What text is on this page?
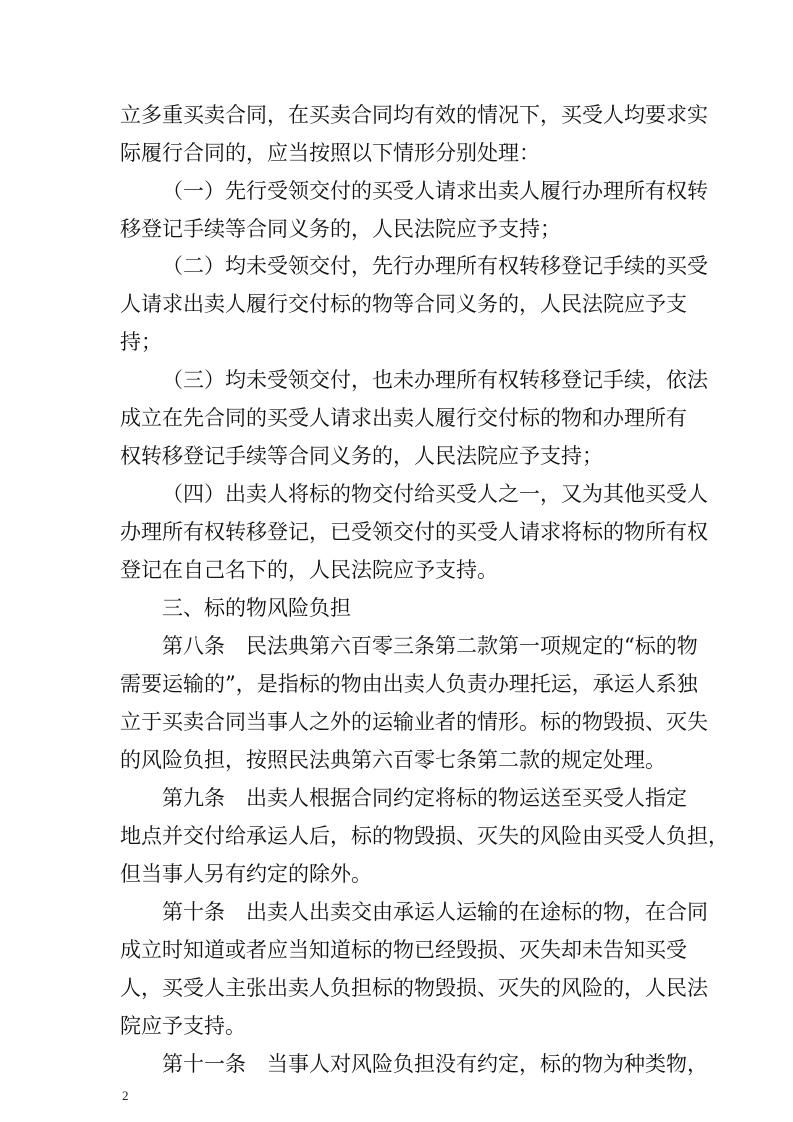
立多重买卖合同，在买卖合同均有效的情况下，买受人均要求实
际履行合同的，应当按照以下情形分别处理：
（一）先行受领交付的买受人请求出卖人履行办理所有权转
移登记手续等合同义务的，人民法院应予支持；
（二）均未受领交付，先行办理所有权转移登记手续的买受
人请求出卖人履行交付标的物等合同义务的，人民法院应予支
持；
（三）均未受领交付，也未办理所有权转移登记手续，依法
成立在先合同的买受人请求出卖人履行交付标的物和办理所有
权转移登记手续等合同义务的，人民法院应予支持；
（四）出卖人将标的物交付给买受人之一，又为其他买受人
办理所有权转移登记，已受领交付的买受人请求将标的物所有权
登记在自己名下的，人民法院应予支持。
三、标的物风险负担
第八条　民法典第六百零三条第二款第一项规定的“标的物
需要运输的”，是指标的物由出卖人负责办理托运，承运人系独
立于买卖合同当事人之外的运输业者的情形。标的物毁损、灭失
的风险负担，按照民法典第六百零七条第二款的规定处理。
第九条　出卖人根据合同约定将标的物运送至买受人指定
地点并交付给承运人后，标的物毁损、灭失的风险由买受人负担，
但当事人另有约定的除外。
第十条　出卖人出卖交由承运人运输的在途标的物，在合同
成立时知道或者应当知道标的物已经毁损、灭失却未告知买受
人，买受人主张出卖人负担标的物毁损、灭失的风险的，人民法
院应予支持。
第十一条　当事人对风险负担没有约定，标的物为种类物，
2
